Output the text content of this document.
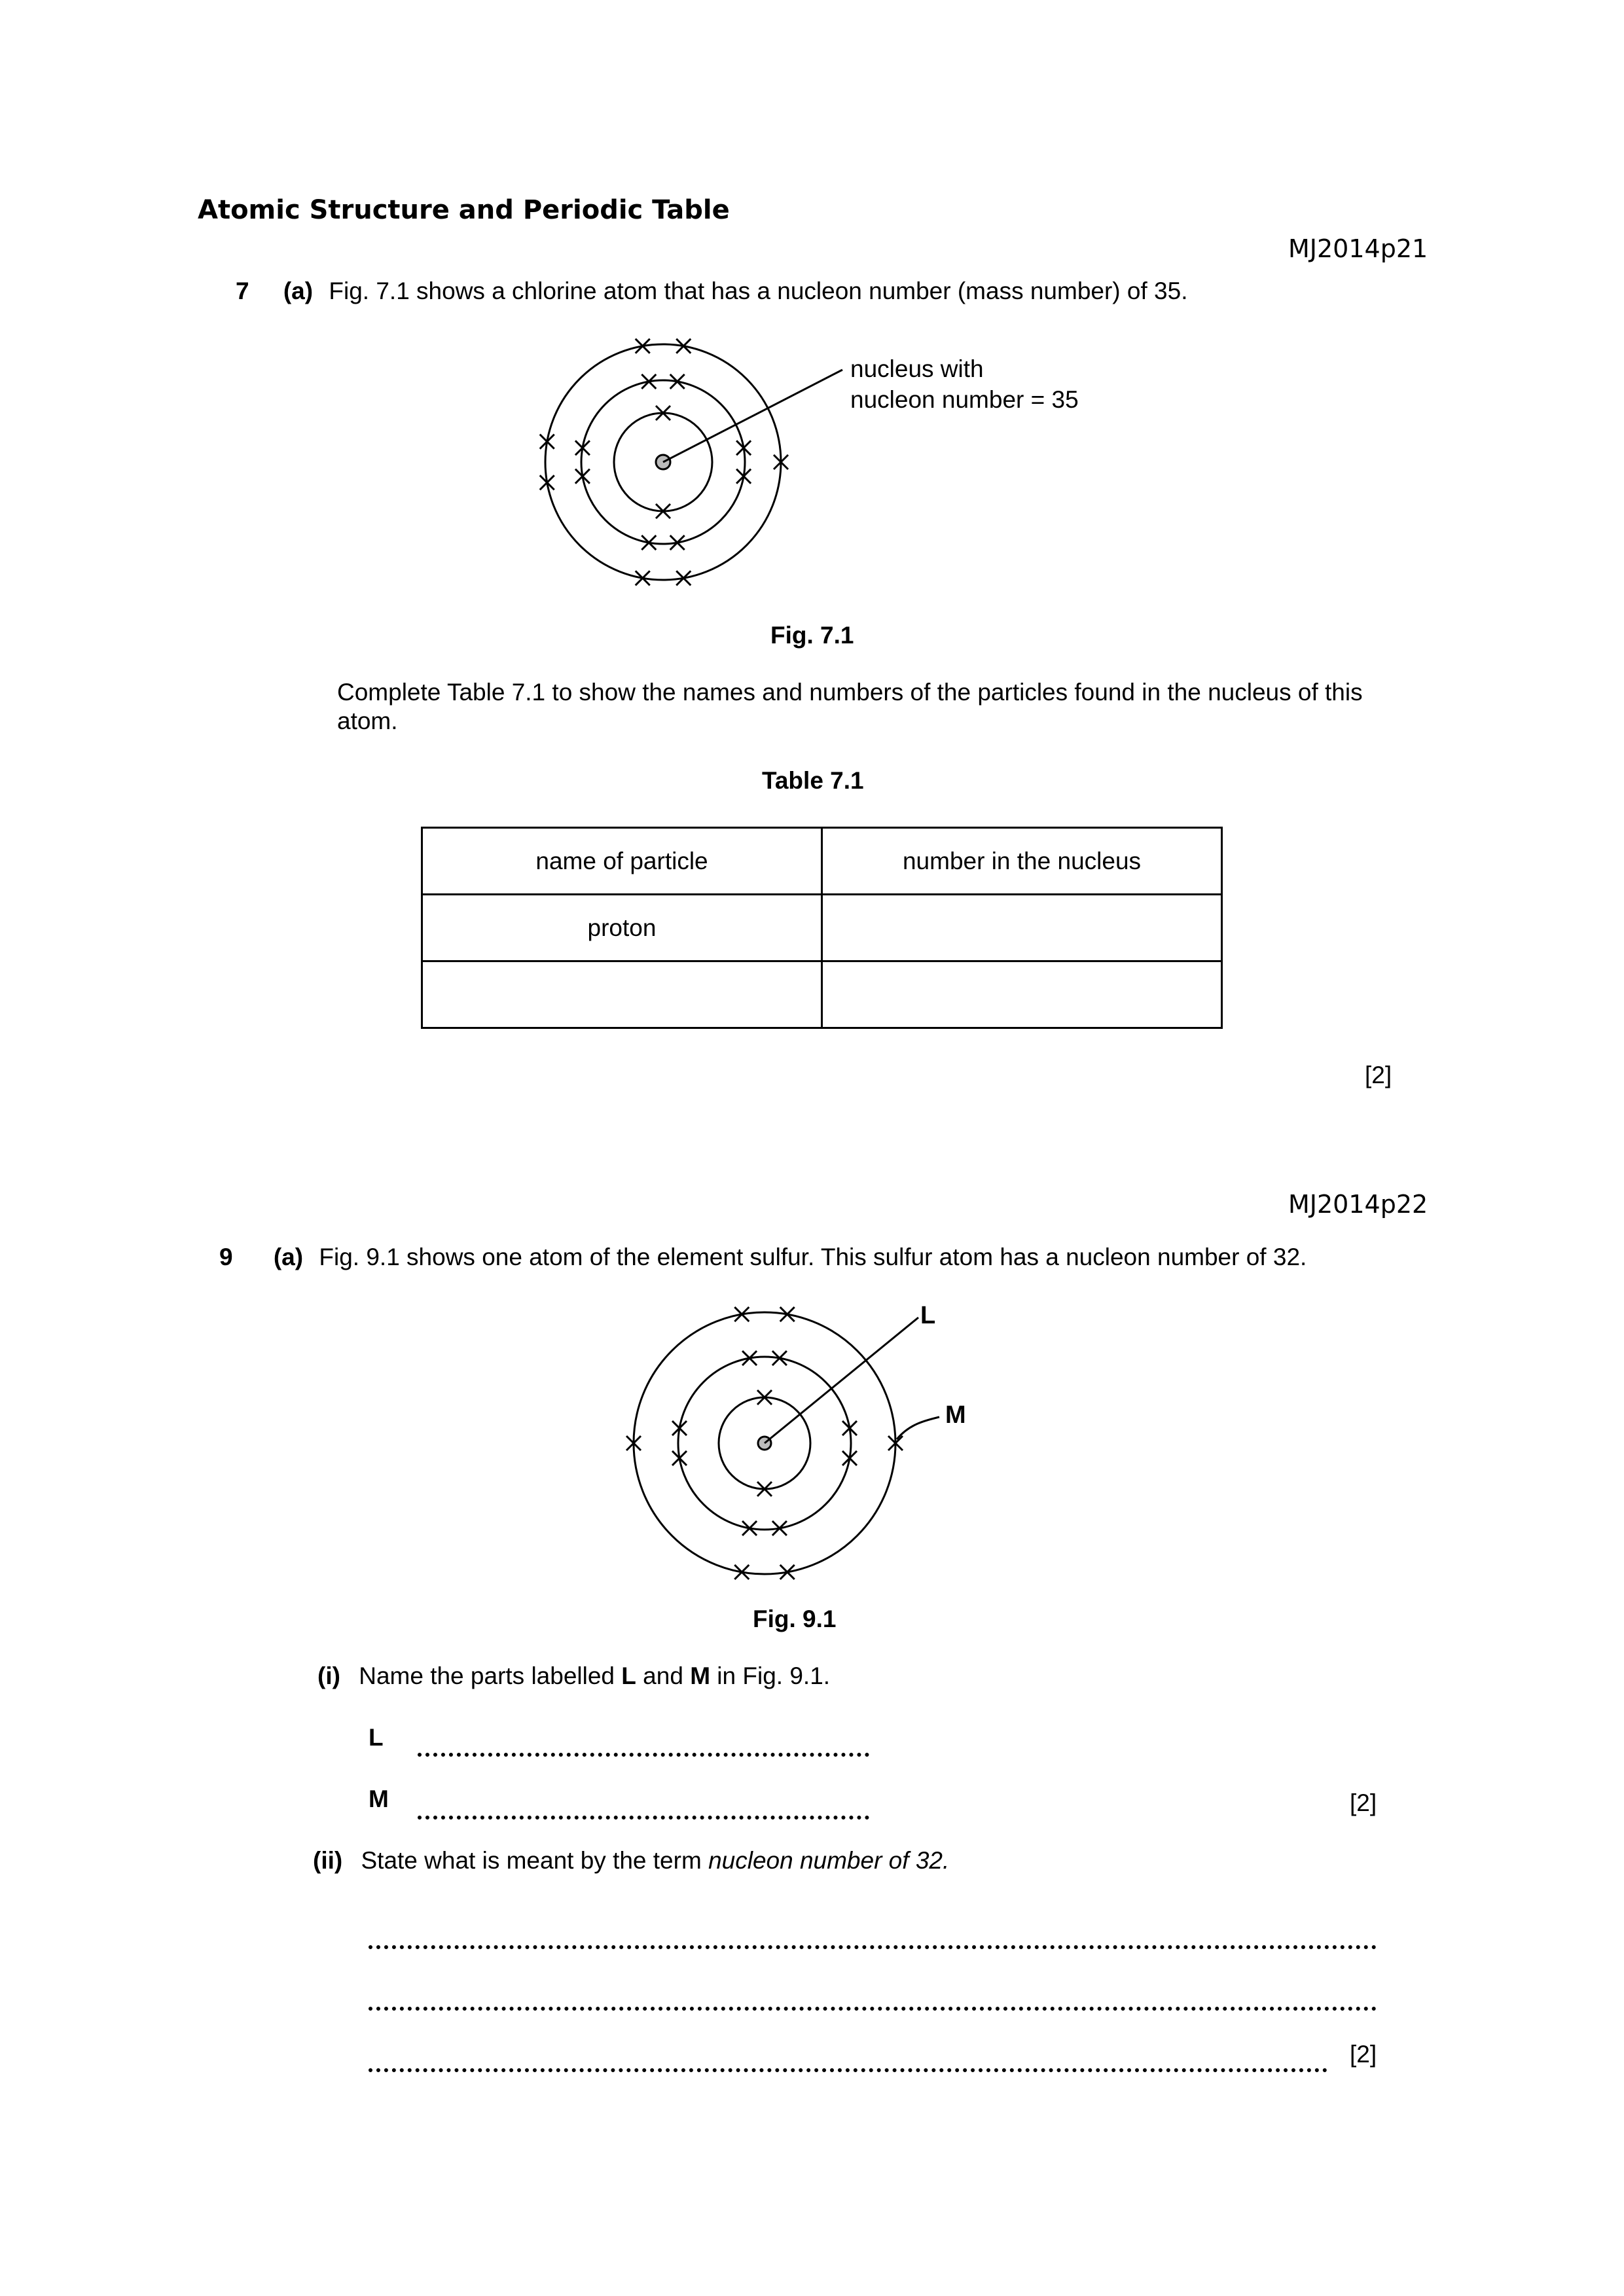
Atomic Structure and Periodic Table
MJ2014p21
7 (a) Fig. 7.1 shows a chlorine atom that has a nucleon number (mass number) of 35.
nucleus with
nucleon number = 35
Fig. 7.1
Complete Table 7.1 to show the names and numbers of the particles found in the nucleus of this atom.
Table 7.1
name of particle	number in the nucleus
proton	

[2]
MJ2014p22
9 (a) Fig. 9.1 shows one atom of the element sulfur. This sulfur atom has a nucleon number of 32.
L
M
Fig. 9.1
(i) Name the parts labelled L and M in Fig. 9.1.
L
M	[2]
(ii) State what is meant by the term nucleon number of 32.
[2]
